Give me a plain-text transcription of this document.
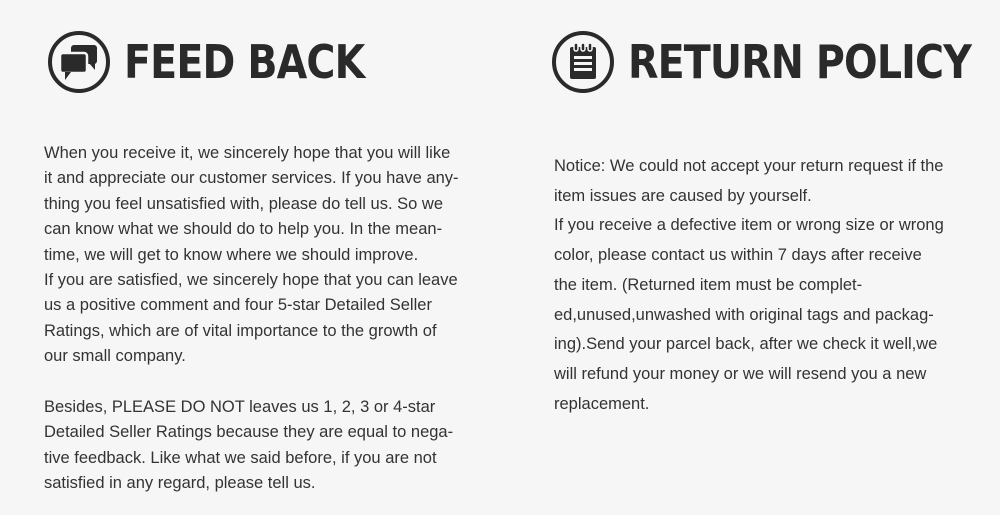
FEED BACK
When you receive it, we sincerely hope that you will like
it and appreciate our customer services. If you have any-
thing you feel unsatisfied with, please do tell us. So we
can know what we should do to help you. In the mean-
time, we will get to know where we should improve.
If you are satisfied, we sincerely hope that you can leave
us a positive comment and four 5-star Detailed Seller
Ratings, which are of vital importance to the growth of
our small company.
Besides, PLEASE DO NOT leaves us 1, 2, 3 or 4-star
Detailed Seller Ratings because they are equal to nega-
tive feedback. Like what we said before, if you are not
satisfied in any regard, please tell us.
RETURN POLICY
Notice: We could not accept your return request if the
item issues are caused by yourself.
If you receive a defective item or wrong size or wrong
color, please contact us within 7 days after receive
the item. (Returned item must be complet-
ed,unused,unwashed with original tags and packag-
ing).Send your parcel back, after we check it well,we
will refund your money or we will resend you a new
replacement.
